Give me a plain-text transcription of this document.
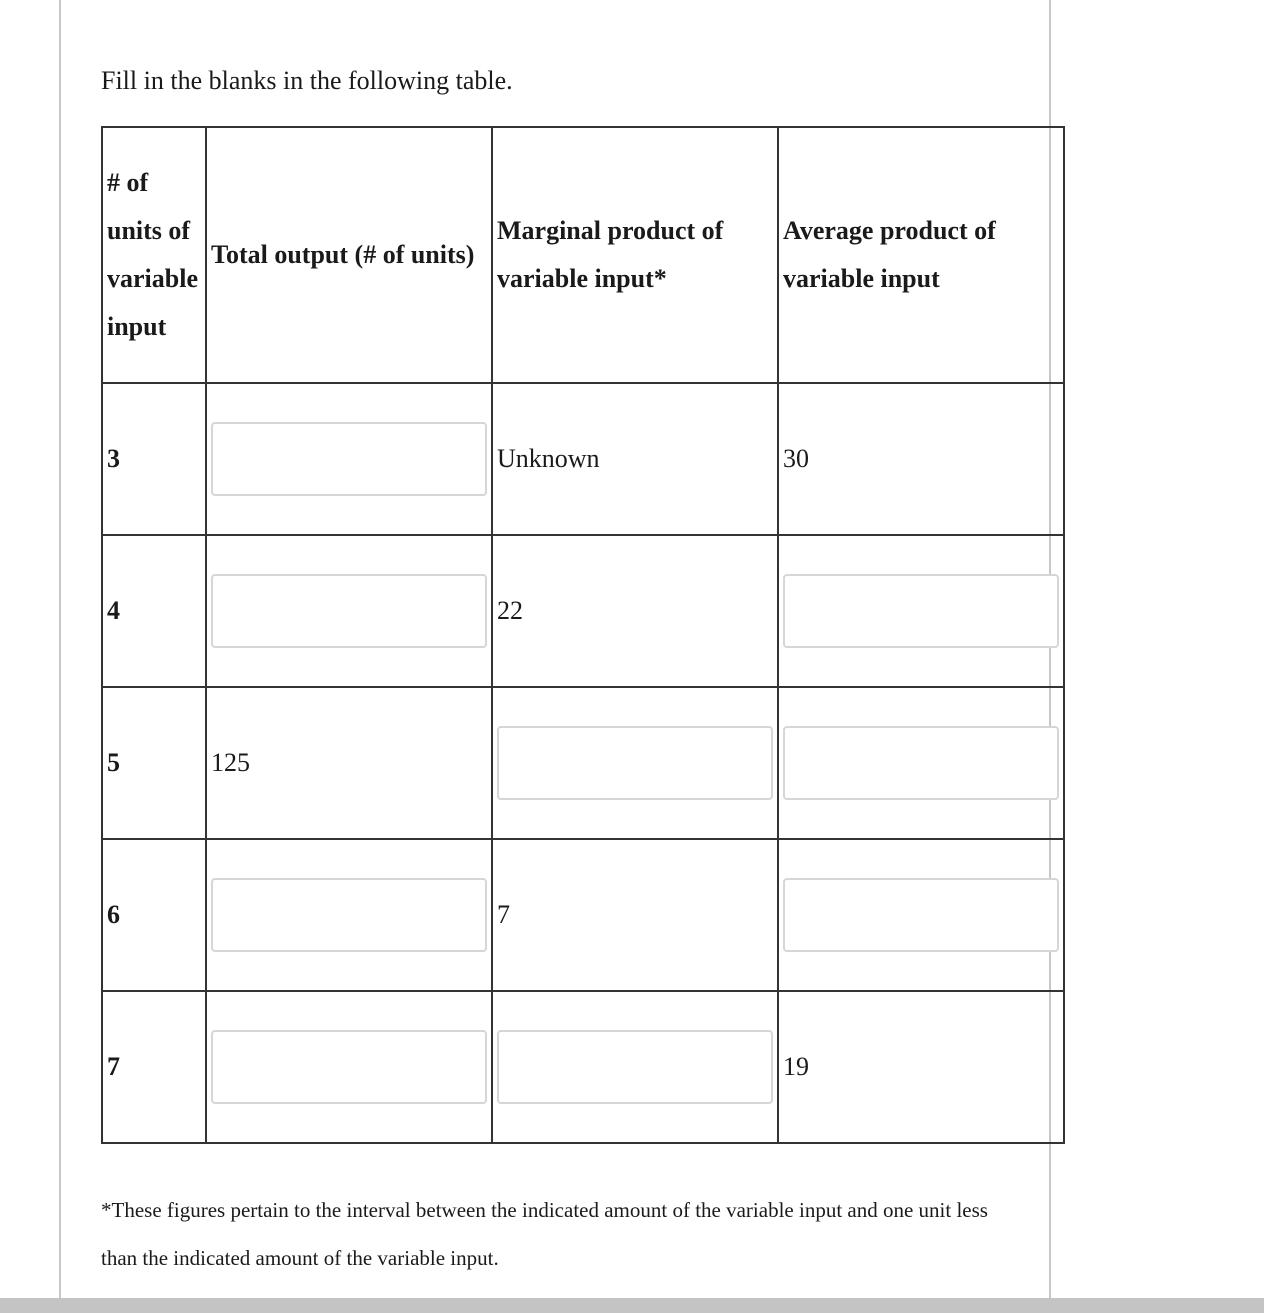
Fill in the blanks in the following table.

# of units of variable input	Total output (# of units)	Marginal product of variable input*	Average product of variable input
3		Unknown	30
4		22	

5	125	

6		7	

7			19

*These figures pertain to the interval between the indicated amount of the variable input and one unit less than the indicated amount of the variable input.
